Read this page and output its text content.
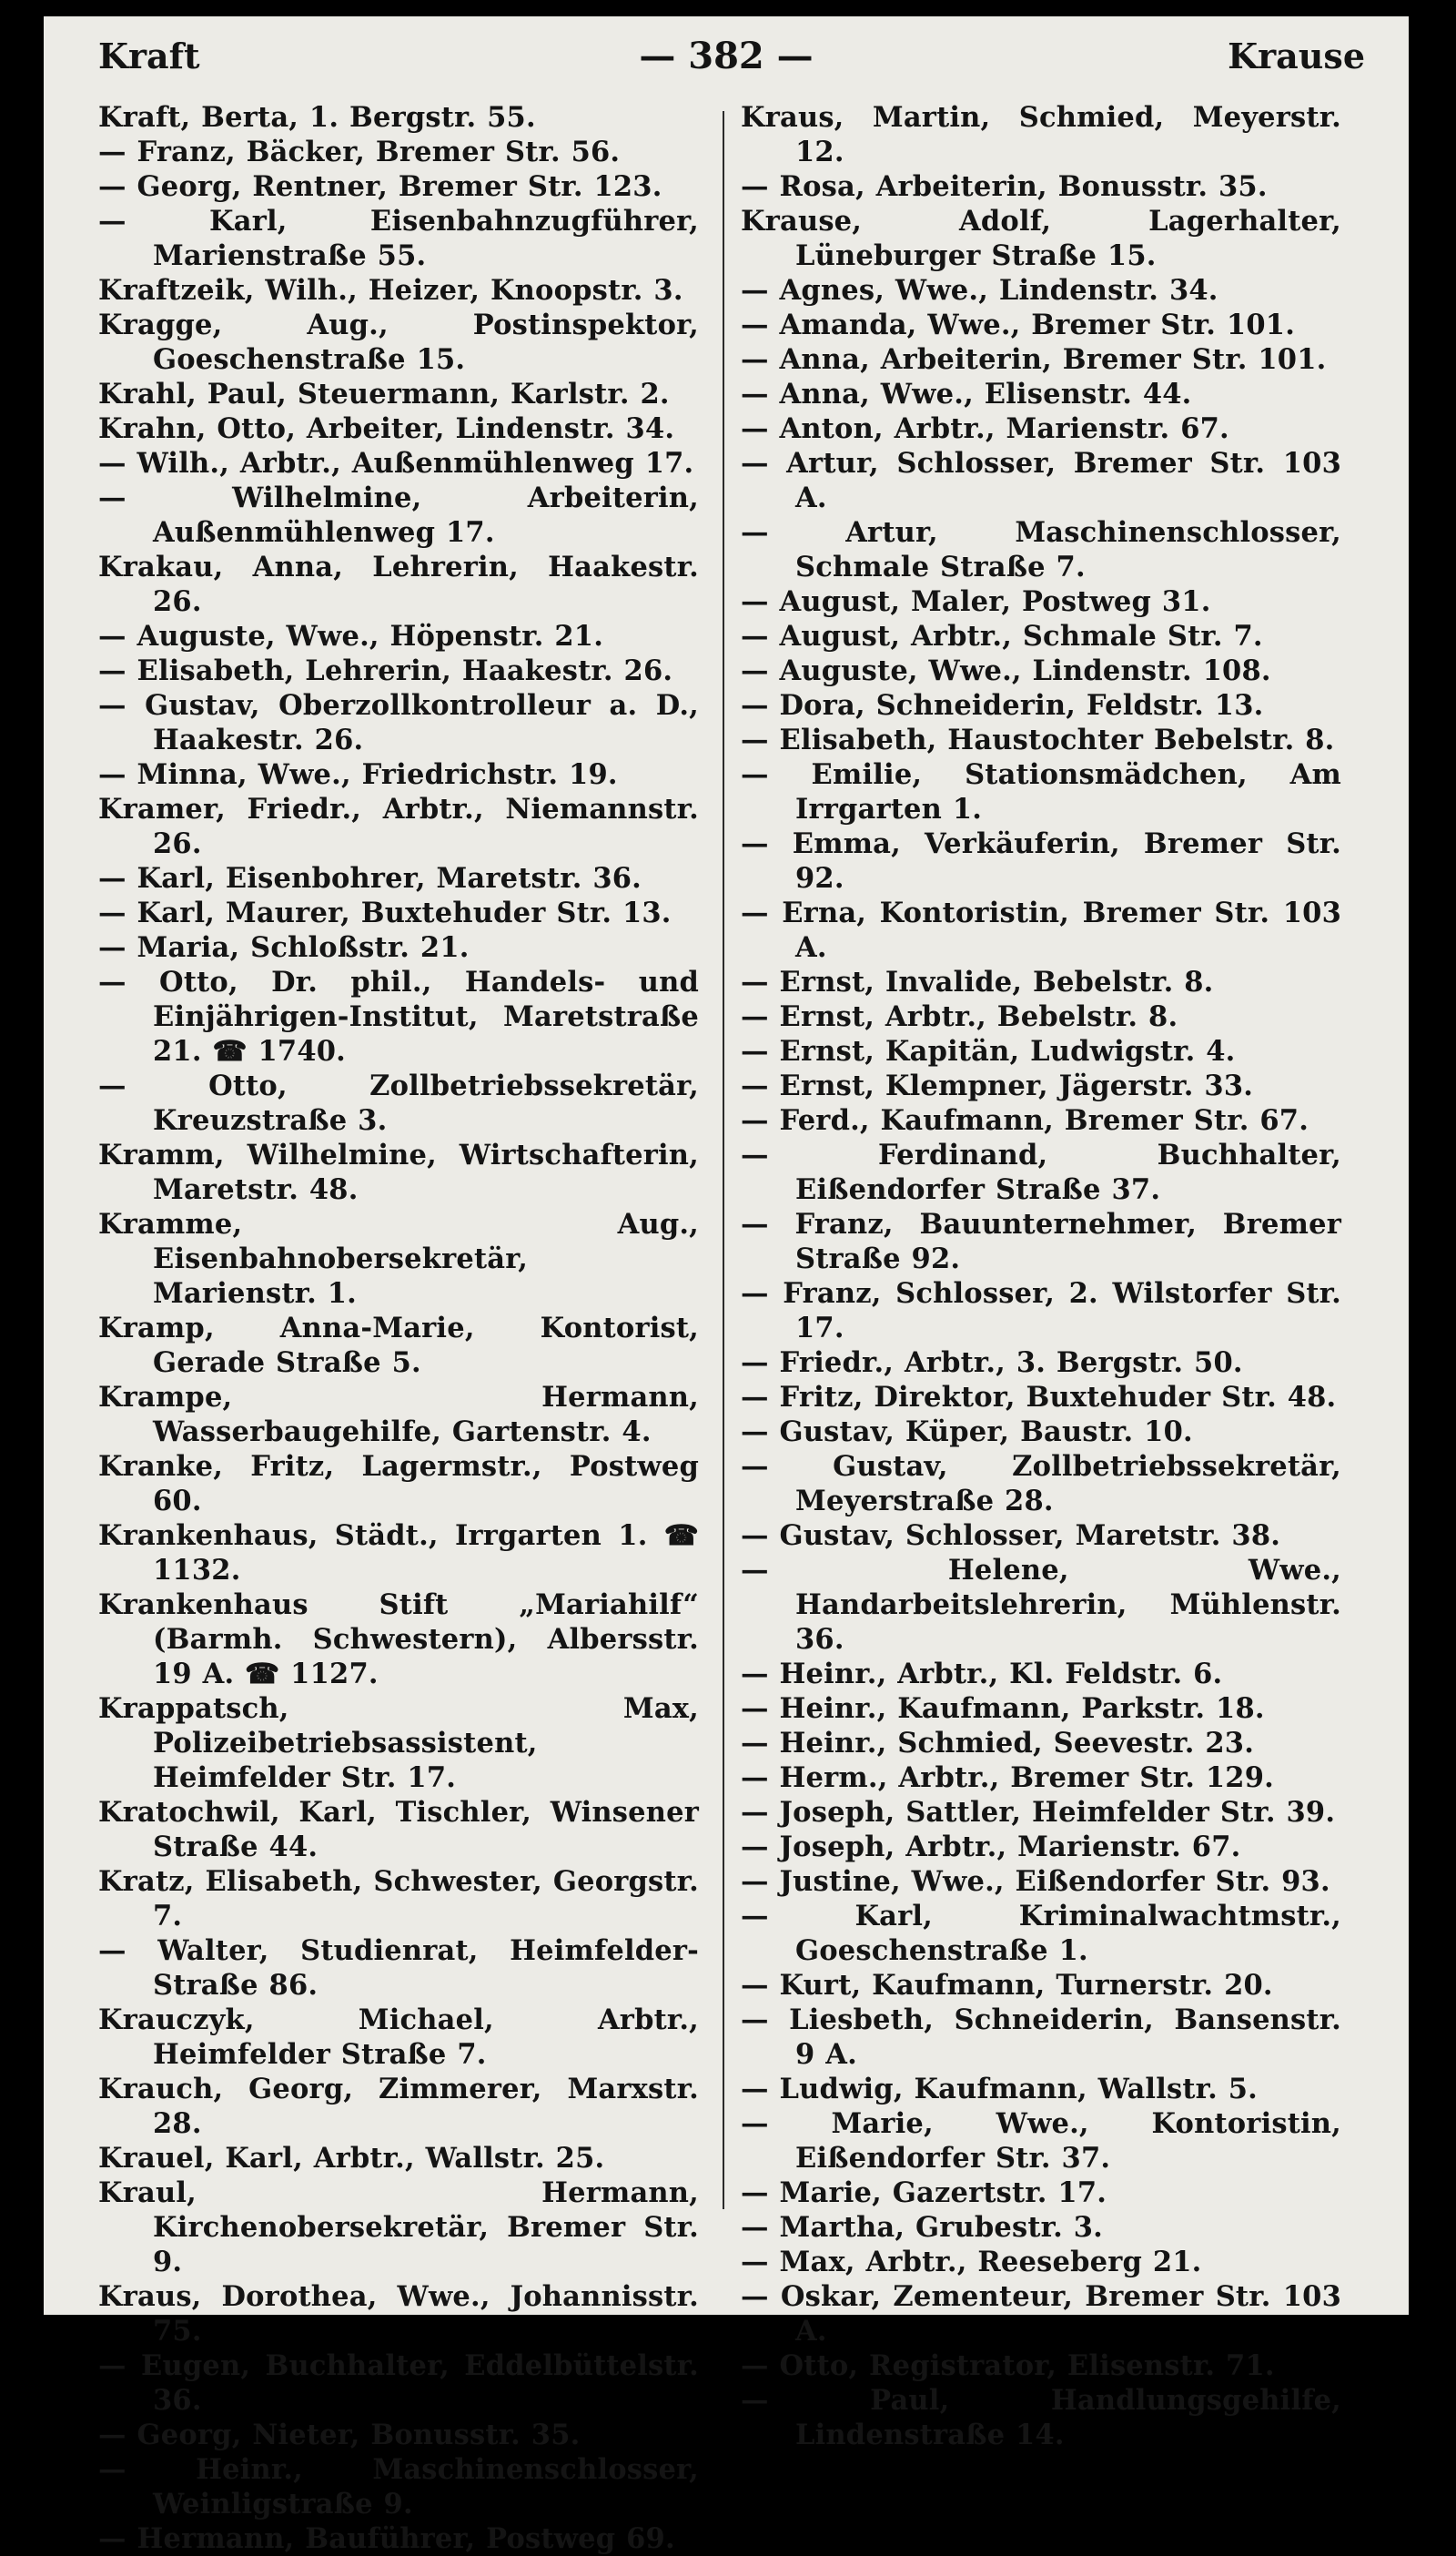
— 382 —
Kraft	Krause
Kraft, Berta, 1. Bergstr. 55.
— Franz, Bäcker, Bremer Str. 56.
— Georg, Rentner, Bremer Str. 123.
— Karl, Eisenbahnzugführer, Marienstraße 55.
Kraftzeik, Wilh., Heizer, Knoopstr. 3.
Kragge, Aug., Postinspektor, Goeschenstraße 15.
Krahl, Paul, Steuermann, Karlstr. 2.
Krahn, Otto, Arbeiter, Lindenstr. 34.
— Wilh., Arbtr., Außenmühlenweg 17.
— Wilhelmine, Arbeiterin, Außenmühlenweg 17.
Krakau, Anna, Lehrerin, Haakestr. 26.
— Auguste, Wwe., Höpenstr. 21.
— Elisabeth, Lehrerin, Haakestr. 26.
— Gustav, Oberzollkontrolleur a. D., Haakestr. 26.
— Minna, Wwe., Friedrichstr. 19.
Kramer, Friedr., Arbtr., Niemannstr. 26.
— Karl, Eisenbohrer, Maretstr. 36.
— Karl, Maurer, Buxtehuder Str. 13.
— Maria, Schloßstr. 21.
— Otto, Dr. phil., Handels- und Einjährigen-Institut, Maretstraße 21. ☎ 1740.
— Otto, Zollbetriebssekretär, Kreuzstraße 3.
Kramm, Wilhelmine, Wirtschafterin, Maretstr. 48.
Kramme, Aug., Eisenbahnobersekretär, Marienstr. 1.
Kramp, Anna-Marie, Kontorist, Gerade Straße 5.
Krampe, Hermann, Wasserbaugehilfe, Gartenstr. 4.
Kranke, Fritz, Lagermstr., Postweg 60.
Krankenhaus, Städt., Irrgarten 1. ☎ 1132.
Krankenhaus Stift „Mariahilf“ (Barmh. Schwestern), Albersstr. 19 A. ☎ 1127.
Krappatsch, Max, Polizeibetriebsassistent, Heimfelder Str. 17.
Kratochwil, Karl, Tischler, Winsener Straße 44.
Kratz, Elisabeth, Schwester, Georgstr. 7.
— Walter, Studienrat, Heimfelder-Straße 86.
Krauczyk, Michael, Arbtr., Heimfelder Straße 7.
Krauch, Georg, Zimmerer, Marxstr. 28.
Krauel, Karl, Arbtr., Wallstr. 25.
Kraul, Hermann, Kirchenobersekretär, Bremer Str. 9.
Kraus, Dorothea, Wwe., Johannisstr. 75.
— Eugen, Buchhalter, Eddelbüttelstr. 36.
— Georg, Nieter, Bonusstr. 35.
— Heinr., Maschinenschlosser, Weinligstraße 9.
— Hermann, Bauführer, Postweg 69.
Kraus, Martin, Schmied, Meyerstr. 12.
— Rosa, Arbeiterin, Bonusstr. 35.
Krause, Adolf, Lagerhalter, Lüneburger Straße 15.
— Agnes, Wwe., Lindenstr. 34.
— Amanda, Wwe., Bremer Str. 101.
— Anna, Arbeiterin, Bremer Str. 101.
— Anna, Wwe., Elisenstr. 44.
— Anton, Arbtr., Marienstr. 67.
— Artur, Schlosser, Bremer Str. 103 A.
— Artur, Maschinenschlosser, Schmale Straße 7.
— August, Maler, Postweg 31.
— August, Arbtr., Schmale Str. 7.
— Auguste, Wwe., Lindenstr. 108.
— Dora, Schneiderin, Feldstr. 13.
— Elisabeth, Haustochter Bebelstr. 8.
— Emilie, Stationsmädchen, Am Irrgarten 1.
— Emma, Verkäuferin, Bremer Str. 92.
— Erna, Kontoristin, Bremer Str. 103 A.
— Ernst, Invalide, Bebelstr. 8.
— Ernst, Arbtr., Bebelstr. 8.
— Ernst, Kapitän, Ludwigstr. 4.
— Ernst, Klempner, Jägerstr. 33.
— Ferd., Kaufmann, Bremer Str. 67.
— Ferdinand, Buchhalter, Eißendorfer Straße 37.
— Franz, Bauunternehmer, Bremer Straße 92.
— Franz, Schlosser, 2. Wilstorfer Str. 17.
— Friedr., Arbtr., 3. Bergstr. 50.
— Fritz, Direktor, Buxtehuder Str. 48.
— Gustav, Küper, Baustr. 10.
— Gustav, Zollbetriebssekretär, Meyerstraße 28.
— Gustav, Schlosser, Maretstr. 38.
— Helene, Wwe., Handarbeitslehrerin, Mühlenstr. 36.
— Heinr., Arbtr., Kl. Feldstr. 6.
— Heinr., Kaufmann, Parkstr. 18.
— Heinr., Schmied, Seevestr. 23.
— Herm., Arbtr., Bremer Str. 129.
— Joseph, Sattler, Heimfelder Str. 39.
— Joseph, Arbtr., Marienstr. 67.
— Justine, Wwe., Eißendorfer Str. 93.
— Karl, Kriminalwachtmstr., Goeschenstraße 1.
— Kurt, Kaufmann, Turnerstr. 20.
— Liesbeth, Schneiderin, Bansenstr. 9 A.
— Ludwig, Kaufmann, Wallstr. 5.
— Marie, Wwe., Kontoristin, Eißendorfer Str. 37.
— Marie, Gazertstr. 17.
— Martha, Grubestr. 3.
— Max, Arbtr., Reeseberg 21.
— Oskar, Zementeur, Bremer Str. 103 A.
— Otto, Registrator, Elisenstr. 71.
— Paul, Handlungsgehilfe, Lindenstraße 14.
